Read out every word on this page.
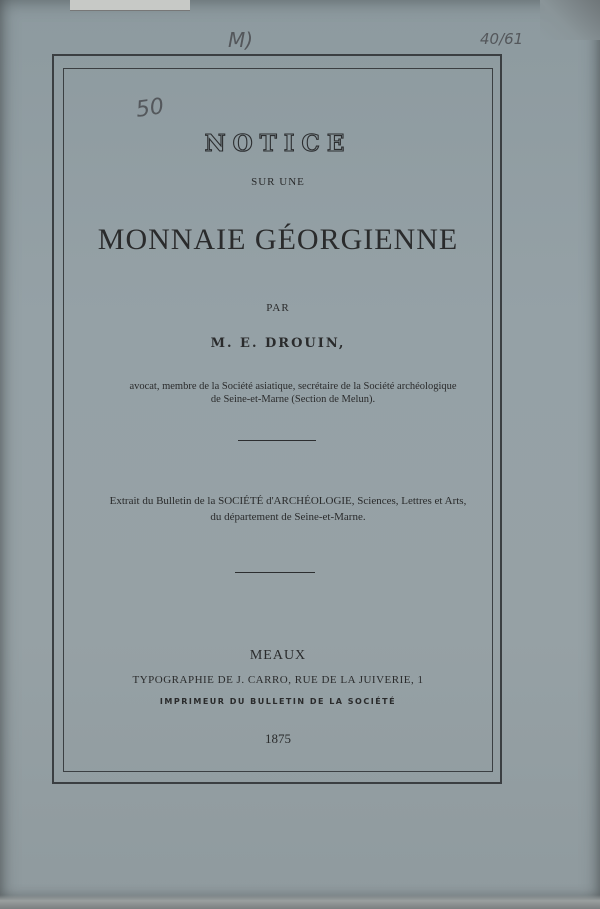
M)	40/61
50
NOTICE
SUR UNE
MONNAIE GÉORGIENNE
PAR
M. E. DROUIN,
avocat, membre de la Société asiatique, secrétaire de la Société archéologique
de Seine-et-Marne (Section de Melun).
Extrait du Bulletin de la SOCIÉTÉ d'ARCHÉOLOGIE, Sciences, Lettres et Arts,
du département de Seine-et-Marne.
MEAUX
TYPOGRAPHIE DE J. CARRO, RUE DE LA JUIVERIE, 1
IMPRIMEUR DU BULLETIN DE LA SOCIÉTÉ
1875
